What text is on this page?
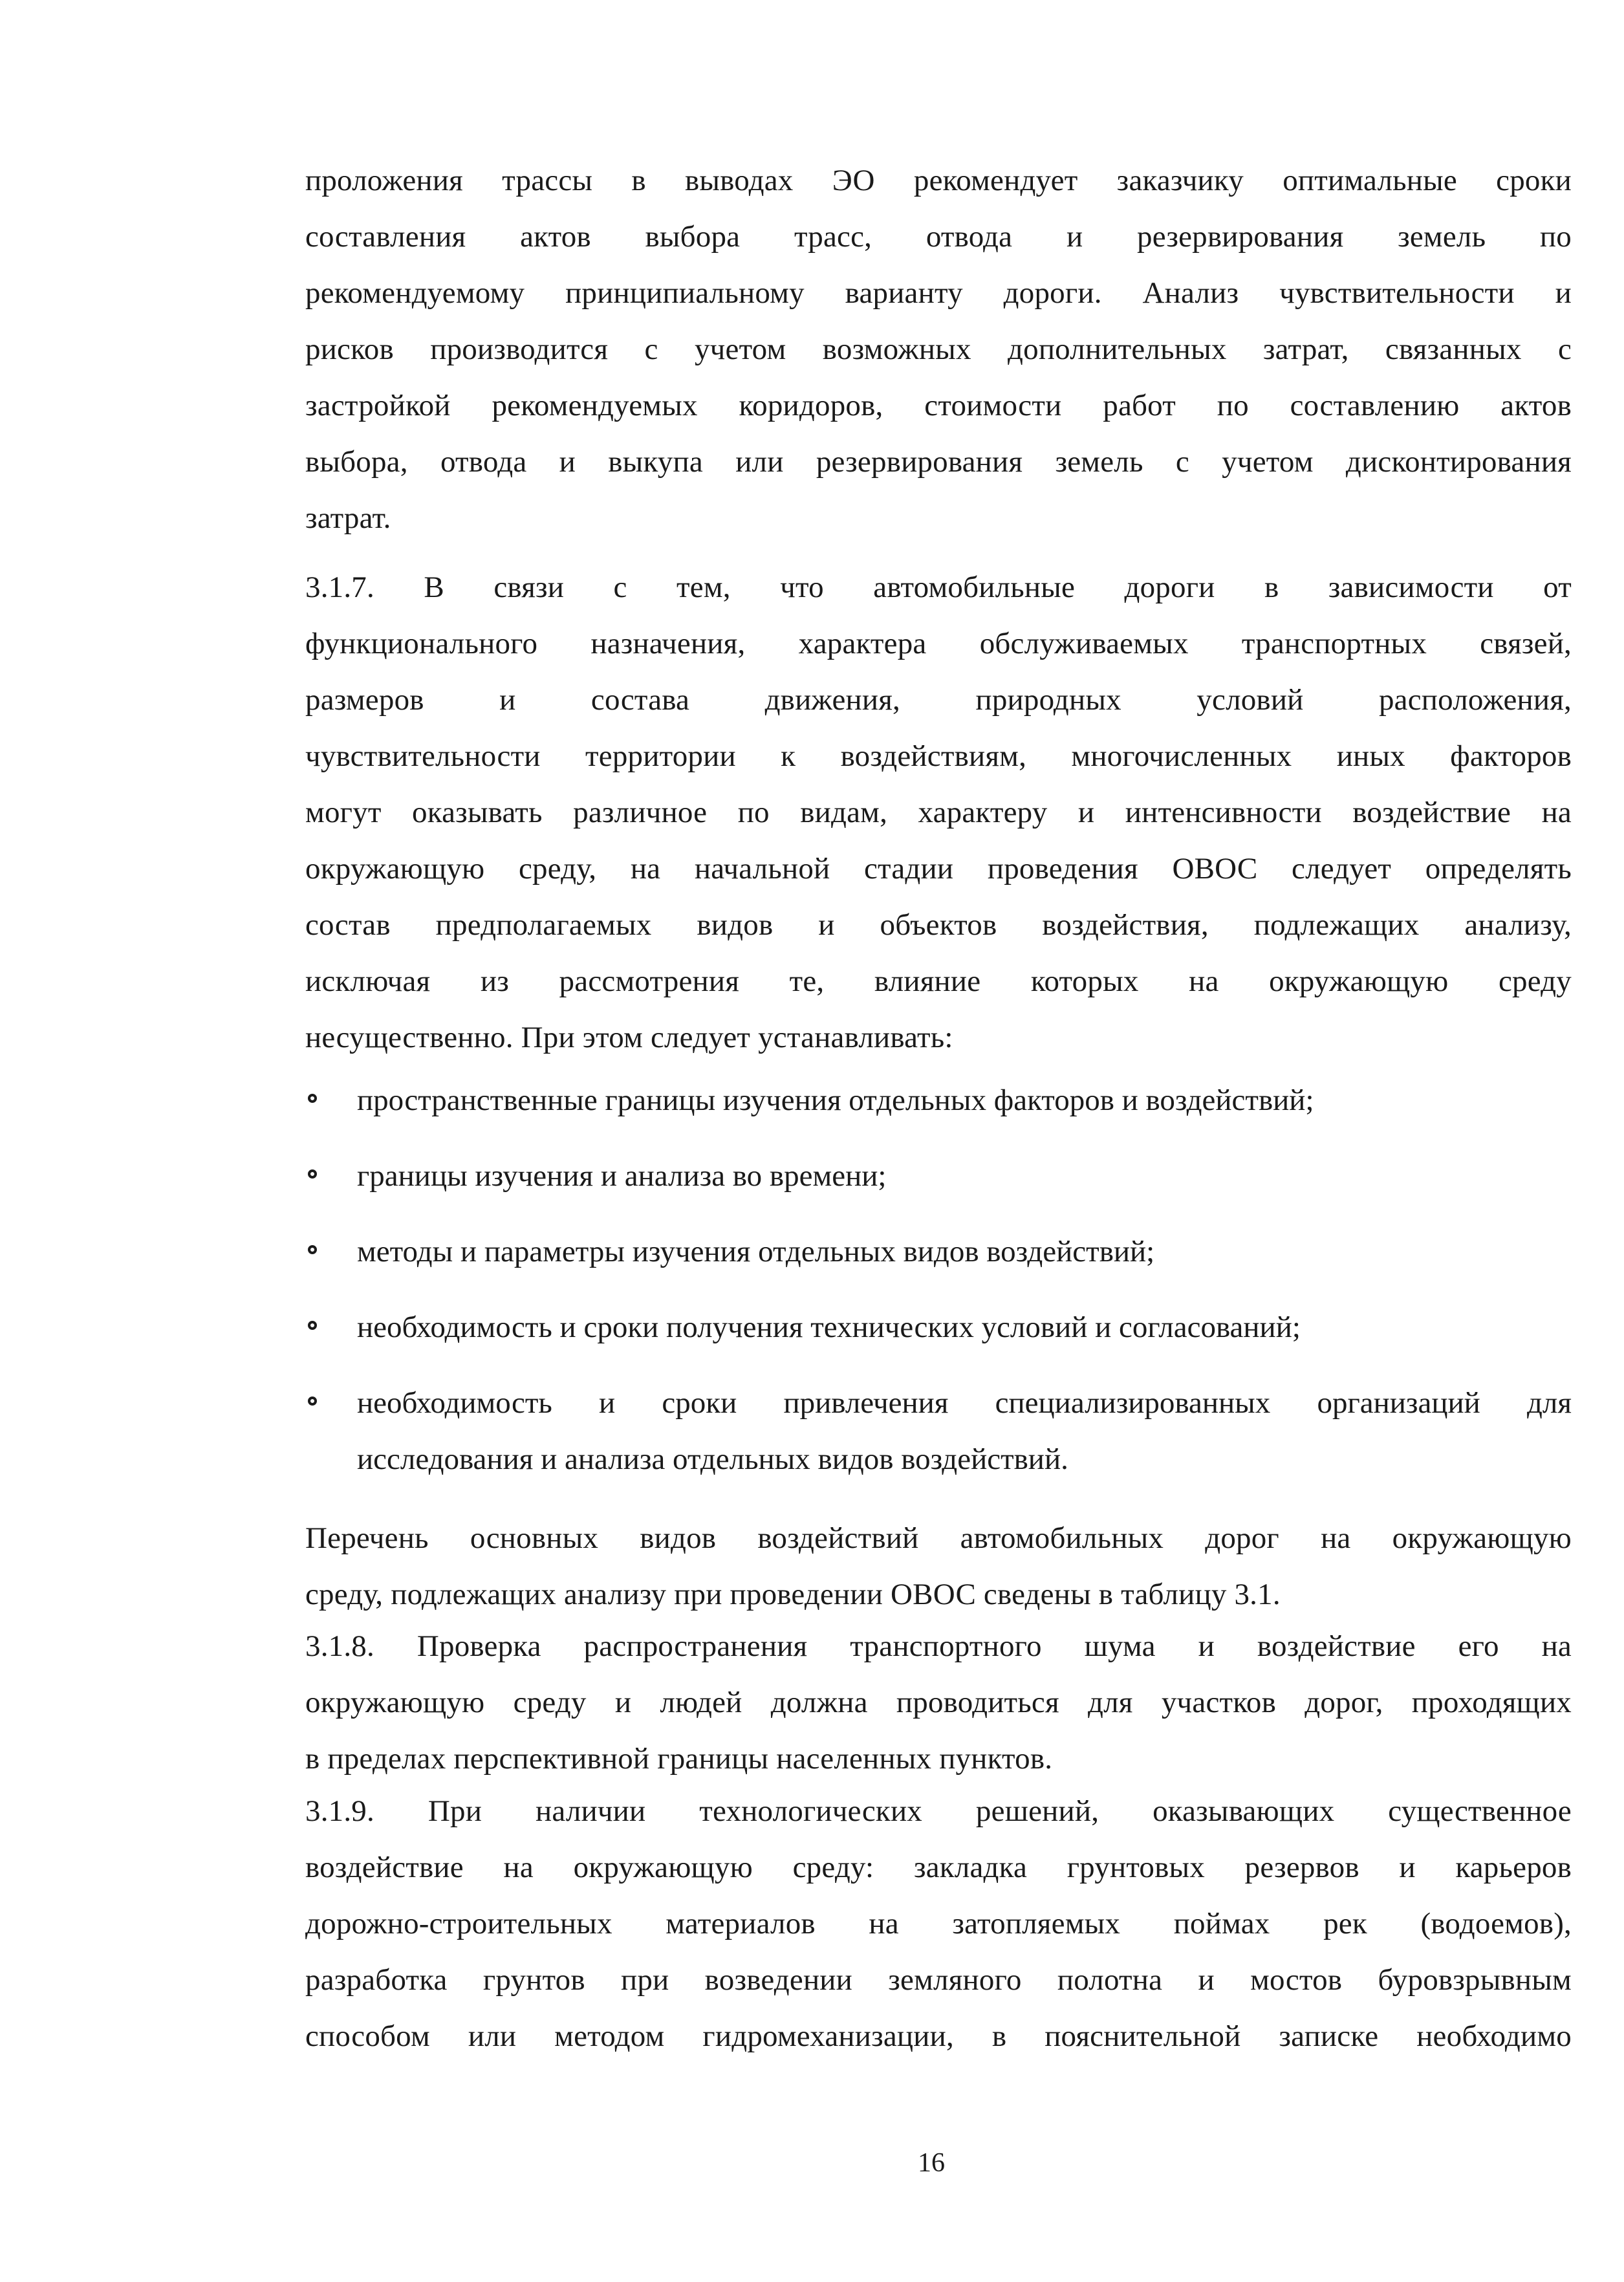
проложения трассы в выводах ЭО рекомендует заказчику оптимальные сроки
составления актов выбора трасс, отвода и резервирования земель по
рекомендуемому принципиальному варианту дороги. Анализ чувствительности и
рисков производится с учетом возможных дополнительных затрат, связанных с
застройкой рекомендуемых коридоров, стоимости работ по составлению актов
выбора, отвода и выкупа или резервирования земель с учетом дисконтирования
затрат.
3.1.7. В связи с тем, что автомобильные дороги в зависимости от
функционального назначения, характера обслуживаемых транспортных связей,
размеров и состава движения, природных условий расположения,
чувствительности территории к воздействиям, многочисленных иных факторов
могут оказывать различное по видам, характеру и интенсивности воздействие на
окружающую среду, на начальной стадии проведения ОВОС следует определять
состав предполагаемых видов и объектов воздействия, подлежащих анализу,
исключая из рассмотрения те, влияние которых на окружающую среду
несущественно. При этом следует устанавливать:
пространственные границы изучения отдельных факторов и воздействий;
границы изучения и анализа во времени;
методы и параметры изучения отдельных видов воздействий;
необходимость и сроки получения технических условий и согласований;
необходимость и сроки привлечения специализированных организаций для
исследования и анализа отдельных видов воздействий.
Перечень основных видов воздействий автомобильных дорог на окружающую
среду, подлежащих анализу при проведении ОВОС сведены в таблицу 3.1.
3.1.8. Проверка распространения транспортного шума и воздействие его на
окружающую среду и людей должна проводиться для участков дорог, проходящих
в пределах перспективной границы населенных пунктов.
3.1.9. При наличии технологических решений, оказывающих существенное
воздействие на окружающую среду: закладка грунтовых резервов и карьеров
дорожно-строительных материалов на затопляемых поймах рек (водоемов),
разработка грунтов при возведении земляного полотна и мостов буровзрывным
способом или методом гидромеханизации, в пояснительной записке необходимо
16
